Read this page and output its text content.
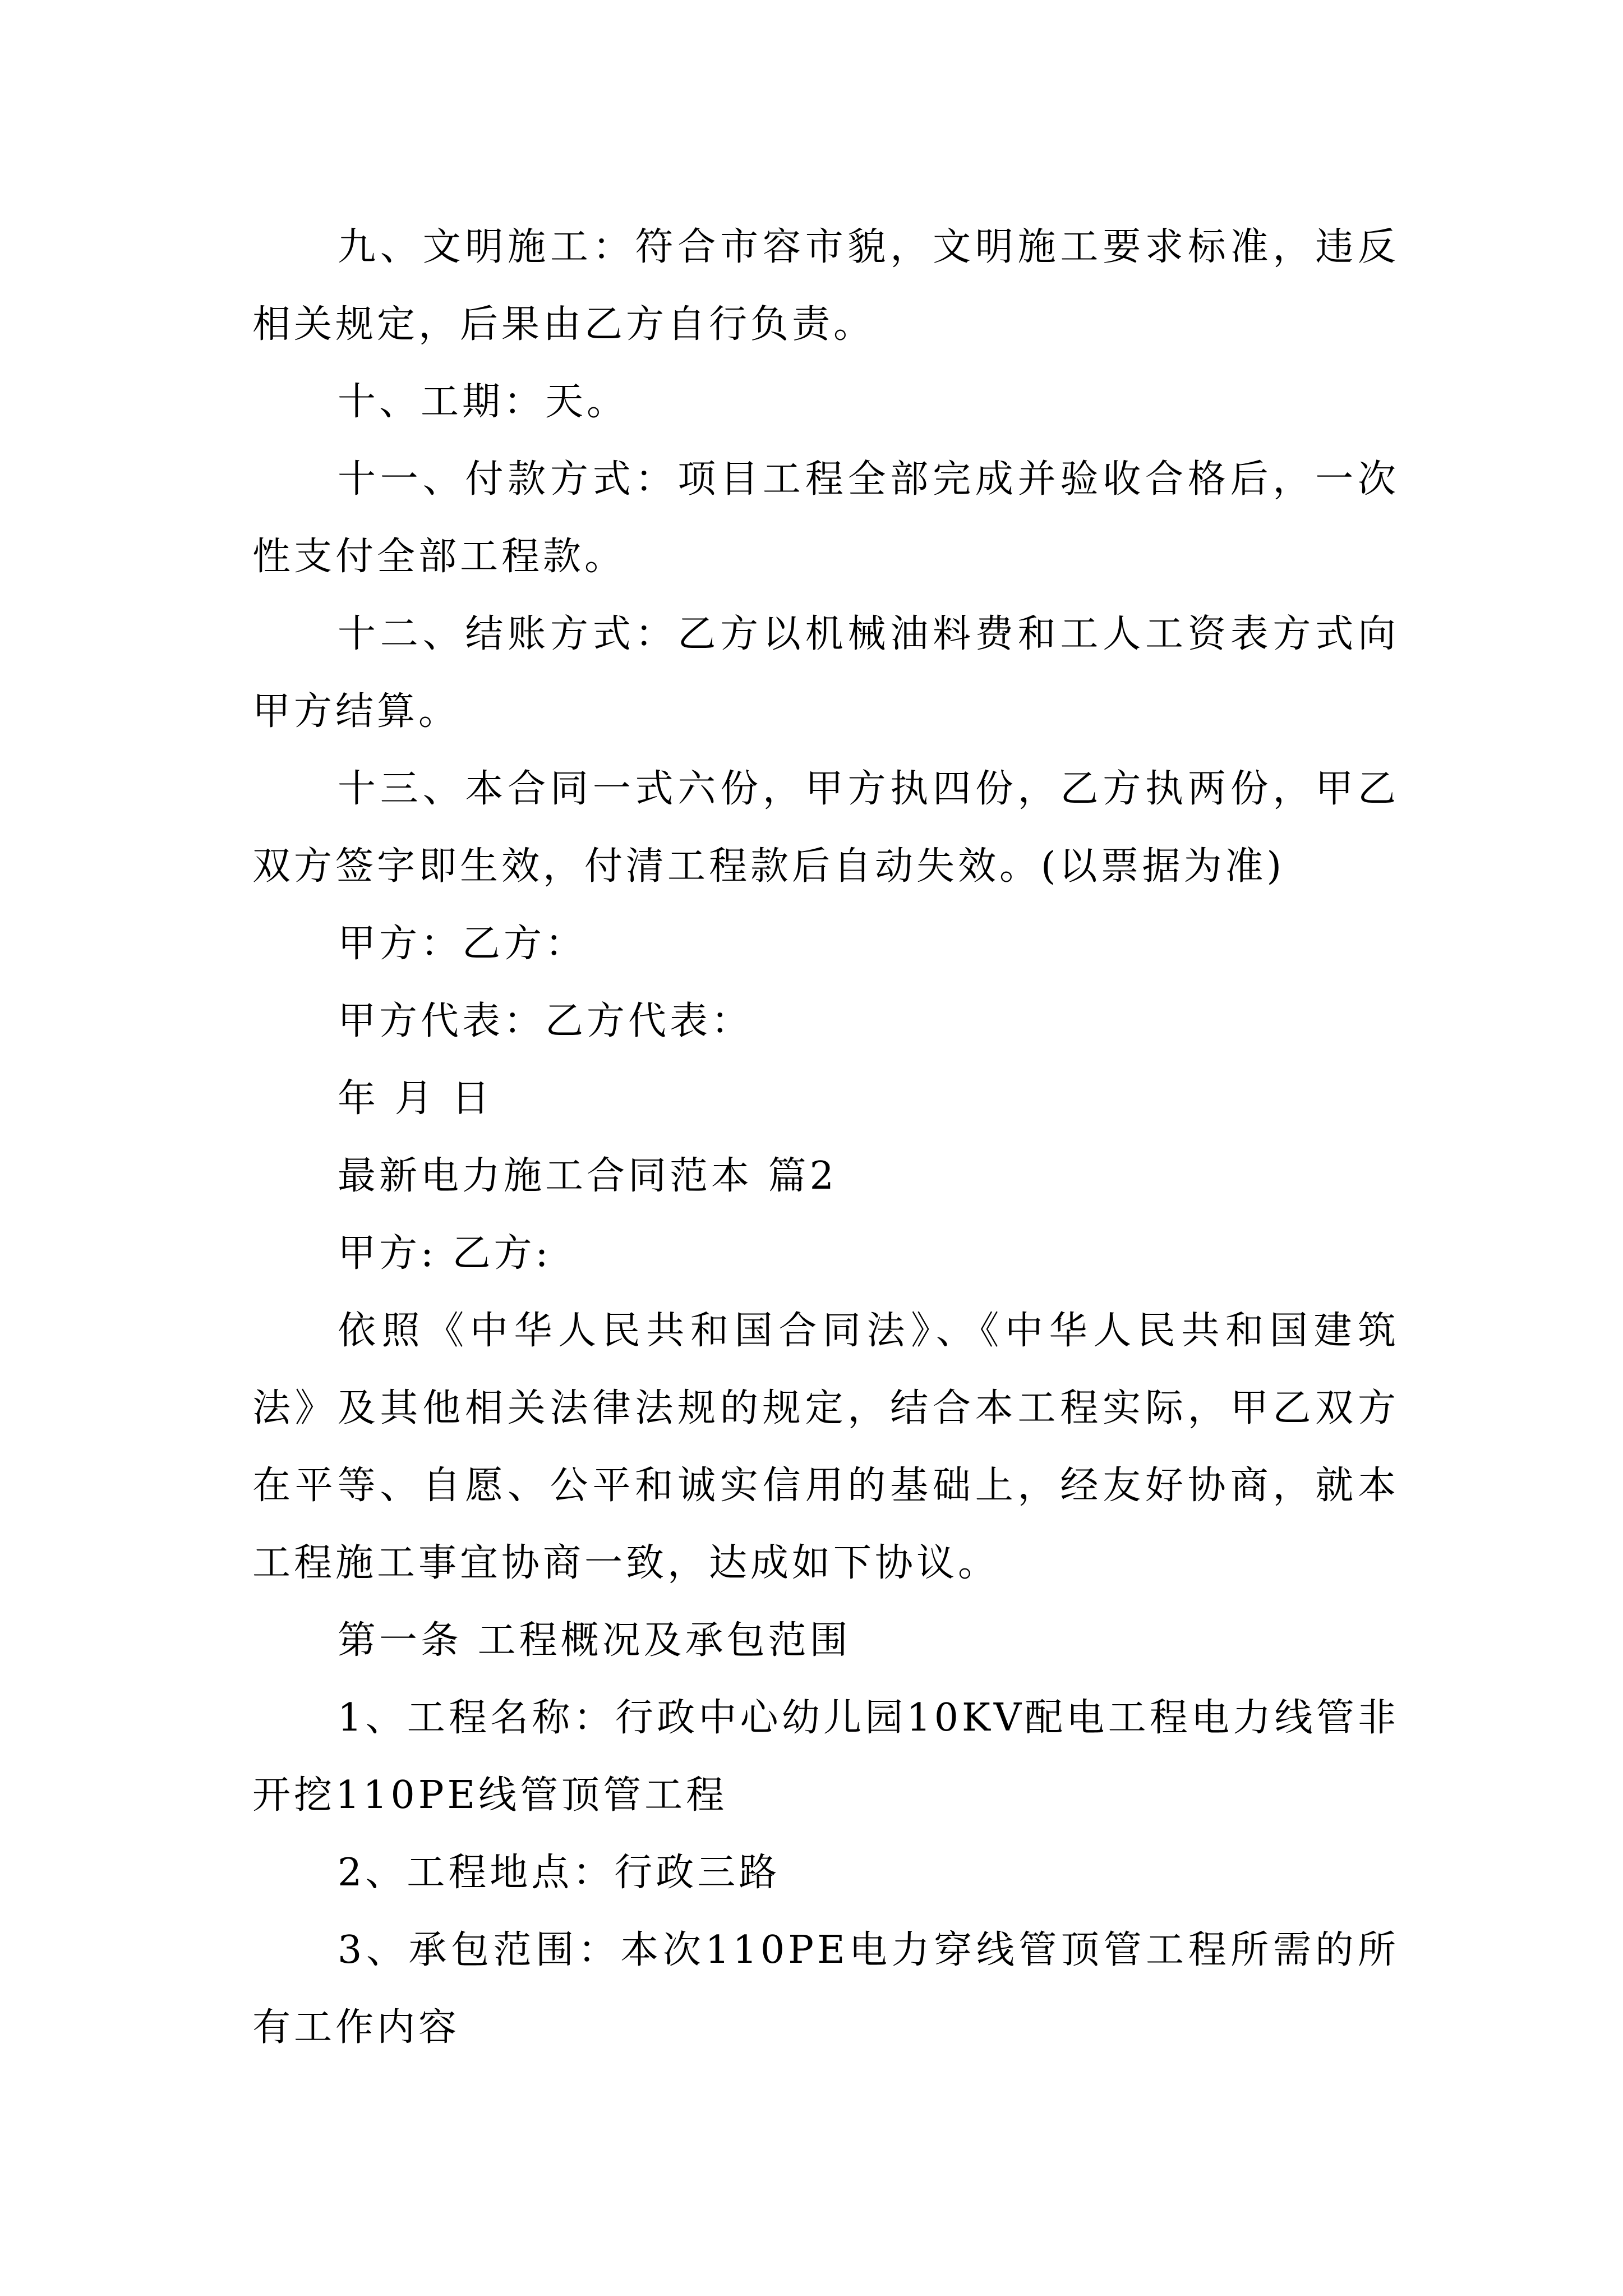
九、文明施工：符合市容市貌，文明施工要求标准，违反相关规定，后果由乙方自行负责。

十、工期：天。

十一、付款方式：项目工程全部完成并验收合格后，一次性支付全部工程款。

十二、结账方式：乙方以机械油料费和工人工资表方式向甲方结算。

十三、本合同一式六份，甲方执四份，乙方执两份，甲乙双方签字即生效，付清工程款后自动失效。(以票据为准)

甲方：乙方：

甲方代表：乙方代表：

年 月 日

最新电力施工合同范本 篇2

甲方: 乙方:

依照《中华人民共和国合同法》、《中华人民共和国建筑法》及其他相关法律法规的规定，结合本工程实际，甲乙双方在平等、自愿、公平和诚实信用的基础上，经友好协商，就本工程施工事宜协商一致，达成如下协议。

第一条 工程概况及承包范围

1、工程名称：行政中心幼儿园10KV配电工程电力线管非开挖110PE线管顶管工程

2、工程地点：行政三路

3、承包范围：本次110PE电力穿线管顶管工程所需的所有工作内容
